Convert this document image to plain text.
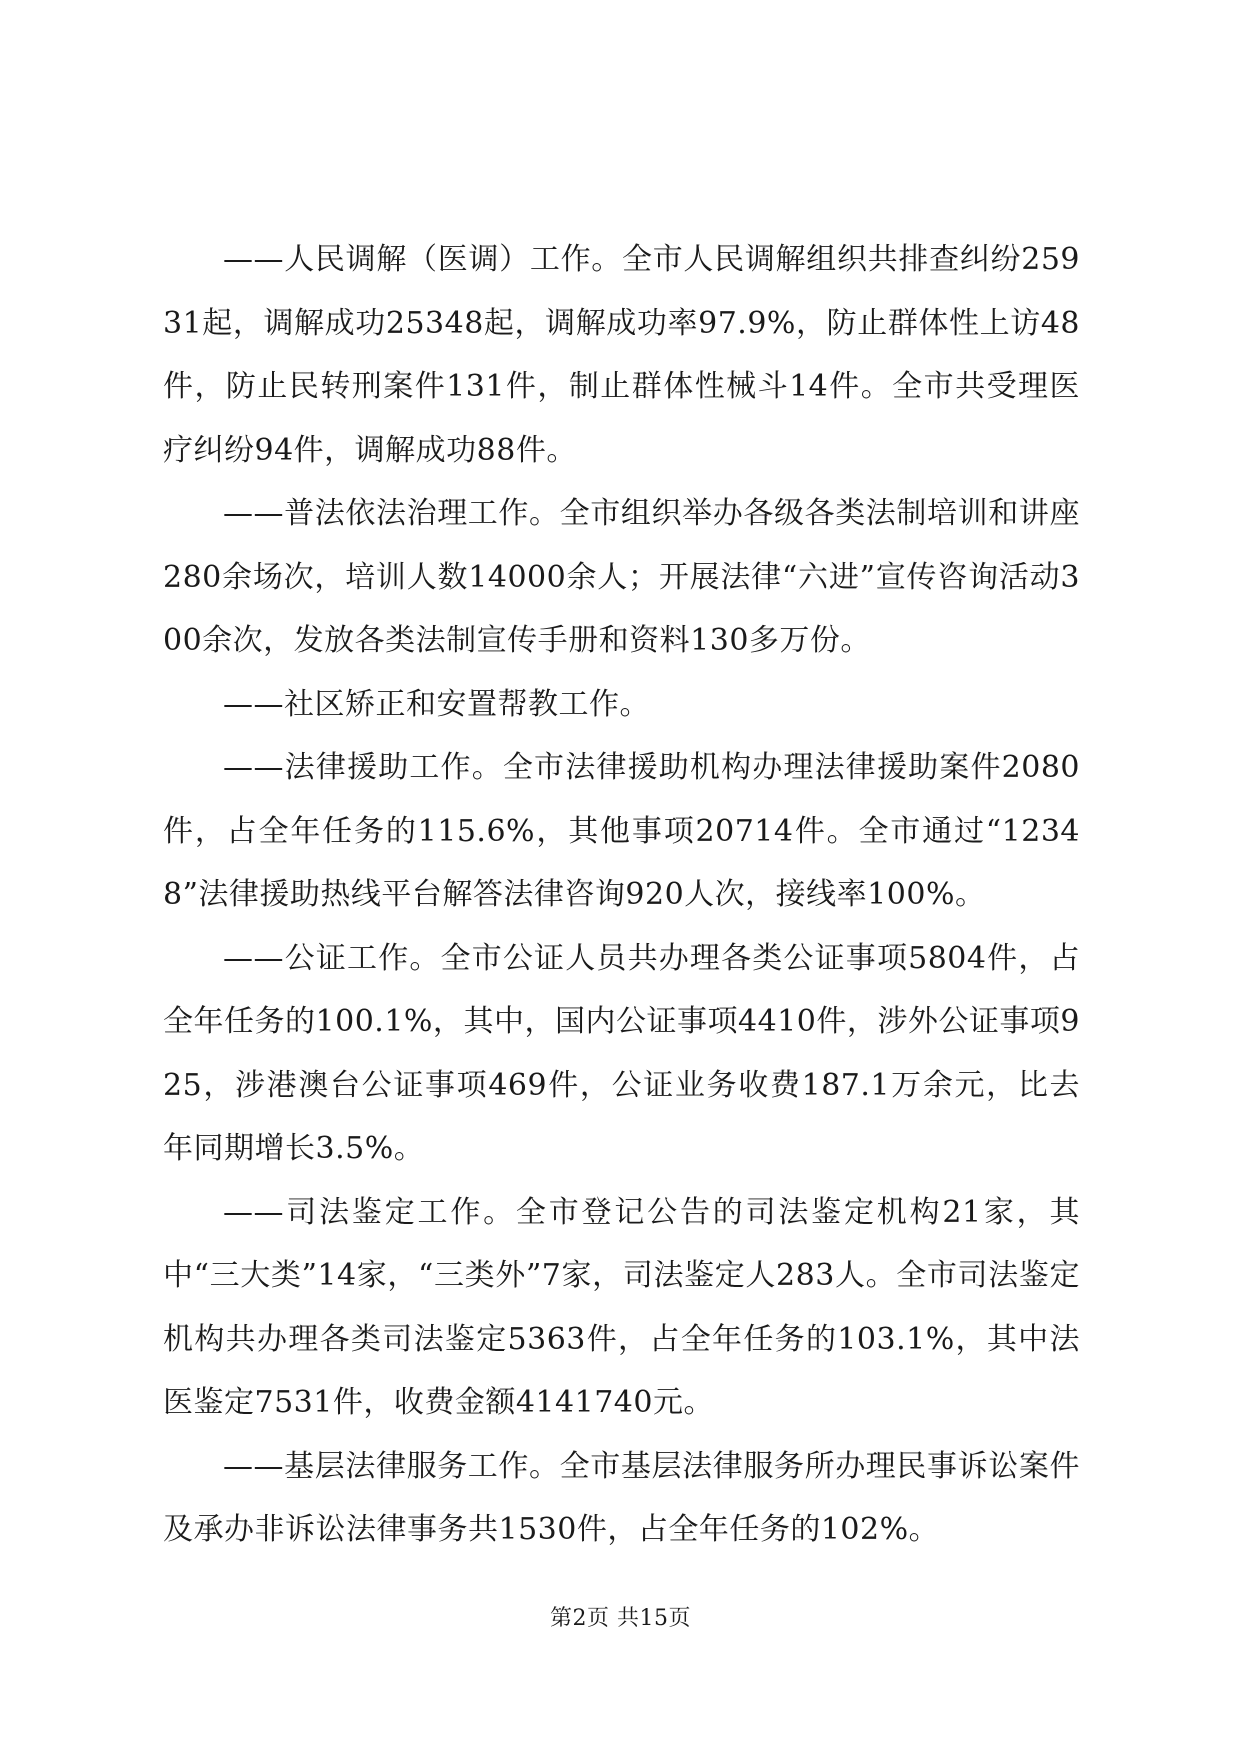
——人民调解（医调）工作。全市人民调解组织共排查纠纷25931起，调解成功25348起，调解成功率97.9%，防止群体性上访48件，防止民转刑案件131件，制止群体性械斗14件。全市共受理医疗纠纷94件，调解成功88件。

——普法依法治理工作。全市组织举办各级各类法制培训和讲座280余场次，培训人数14000余人；开展法律“六进”宣传咨询活动300余次，发放各类法制宣传手册和资料130多万份。

——社区矫正和安置帮教工作。

——法律援助工作。全市法律援助机构办理法律援助案件2080件，占全年任务的115.6%，其他事项20714件。全市通过“12348”法律援助热线平台解答法律咨询920人次，接线率100%。

——公证工作。全市公证人员共办理各类公证事项5804件，占全年任务的100.1%，其中，国内公证事项4410件，涉外公证事项925，涉港澳台公证事项469件，公证业务收费187.1万余元，比去年同期增长3.5%。

——司法鉴定工作。全市登记公告的司法鉴定机构21家，其中“三大类”14家，“三类外”7家，司法鉴定人283人。全市司法鉴定机构共办理各类司法鉴定5363件，占全年任务的103.1%，其中法医鉴定7531件，收费金额4141740元。

——基层法律服务工作。全市基层法律服务所办理民事诉讼案件及承办非诉讼法律事务共1530件，占全年任务的102%。

第2页 共15页
